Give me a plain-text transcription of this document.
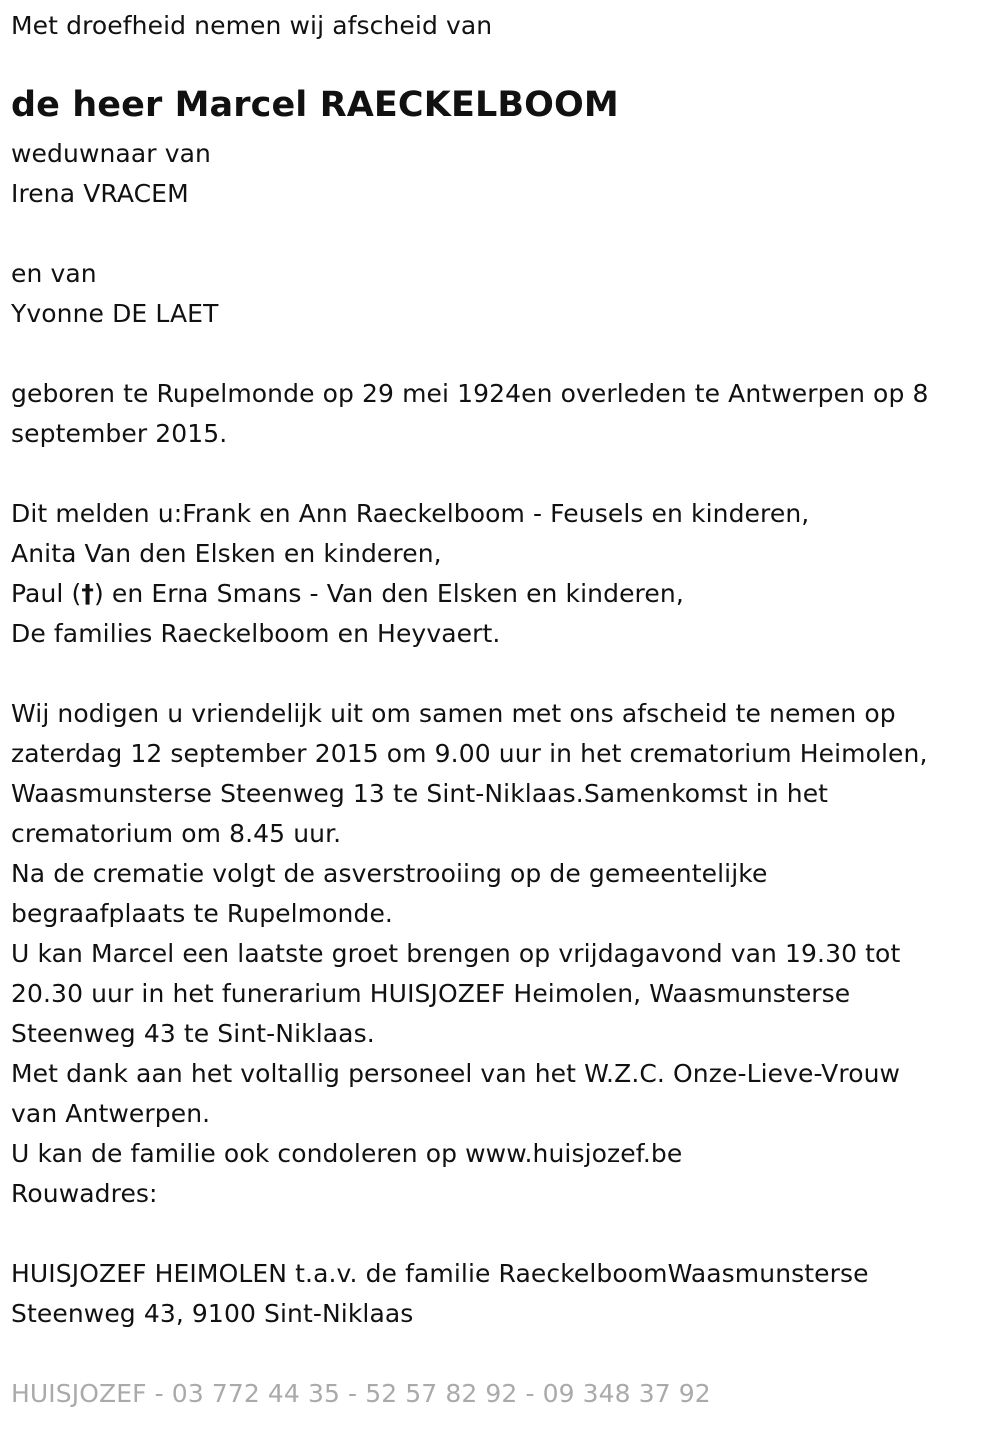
Met droefheid nemen wij afscheid van
de heer Marcel RAECKELBOOM
weduwnaar van
Irena VRACEM
en van
Yvonne DE LAET
geboren te Rupelmonde op 29 mei 1924en overleden te Antwerpen op 8
september 2015.
Dit melden u:Frank en Ann Raeckelboom - Feusels en kinderen,
Anita Van den Elsken en kinderen,
Paul (†) en Erna Smans - Van den Elsken en kinderen,
De families Raeckelboom en Heyvaert.
Wij nodigen u vriendelijk uit om samen met ons afscheid te nemen op
zaterdag 12 september 2015 om 9.00 uur in het crematorium Heimolen,
Waasmunsterse Steenweg 13 te Sint-Niklaas.Samenkomst in het
crematorium om 8.45 uur.
Na de crematie volgt de asverstrooiing op de gemeentelijke
begraafplaats te Rupelmonde.
U kan Marcel een laatste groet brengen op vrijdagavond van 19.30 tot
20.30 uur in het funerarium HUISJOZEF Heimolen, Waasmunsterse
Steenweg 43 te Sint-Niklaas.
Met dank aan het voltallig personeel van het W.Z.C. Onze-Lieve-Vrouw
van Antwerpen.
U kan de familie ook condoleren op www.huisjozef.be
Rouwadres:
HUISJOZEF HEIMOLEN t.a.v. de familie RaeckelboomWaasmunsterse
Steenweg 43, 9100 Sint-Niklaas
HUISJOZEF - 03 772 44 35 - 52 57 82 92 - 09 348 37 92
